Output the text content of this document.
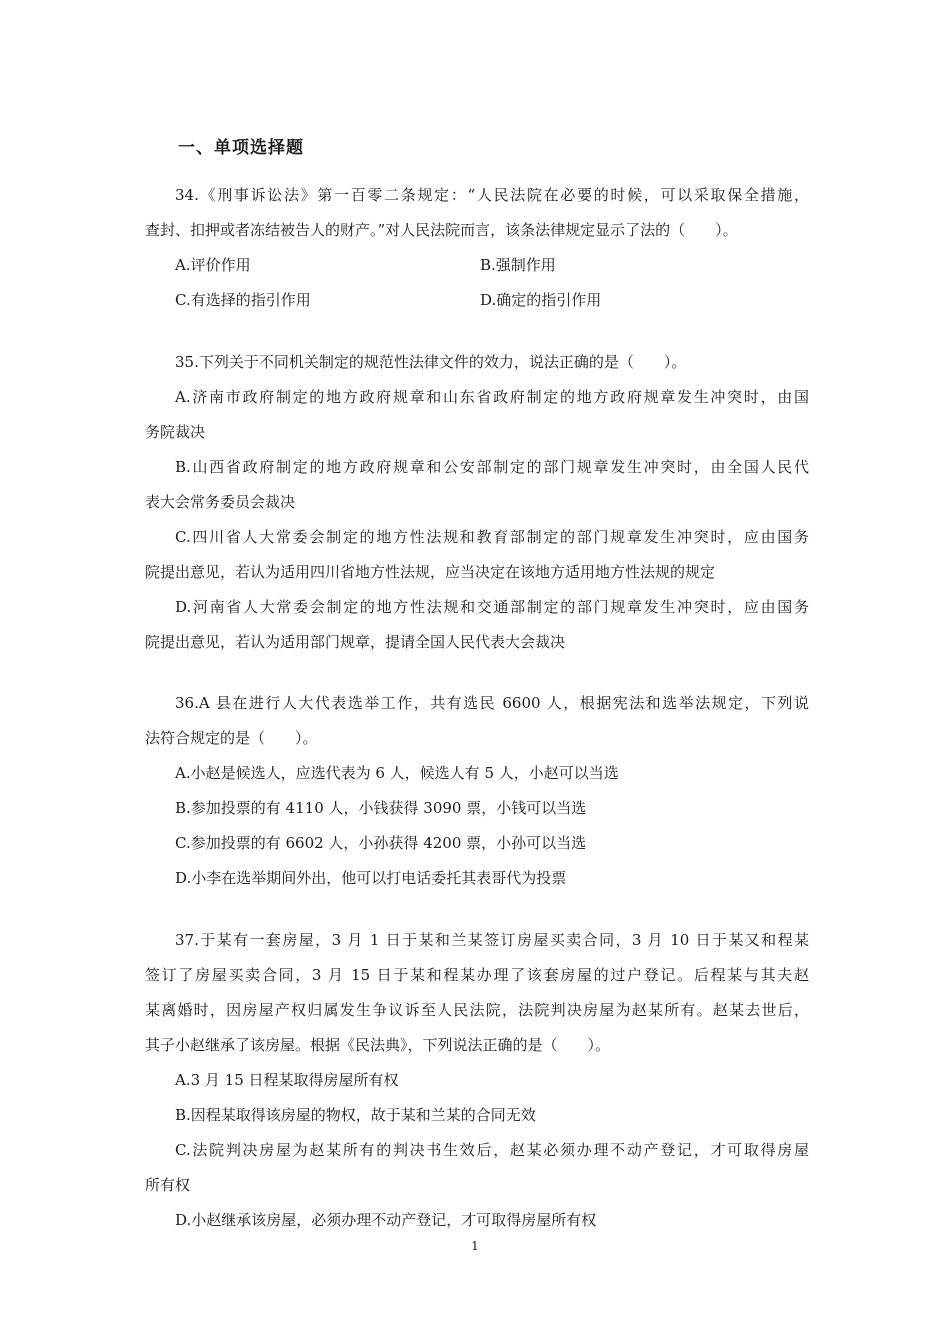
一、单项选择题
34.《刑事诉讼法》第一百零二条规定：“人民法院在必要的时候，可以采取保全措施，
查封、扣押或者冻结被告人的财产。”对人民法院而言，该条法律规定显示了法的（　　）。
A.评价作用	B.强制作用
C.有选择的指引作用	D.确定的指引作用
35.下列关于不同机关制定的规范性法律文件的效力，说法正确的是（　　）。
A.济南市政府制定的地方政府规章和山东省政府制定的地方政府规章发生冲突时，由国
务院裁决
B.山西省政府制定的地方政府规章和公安部制定的部门规章发生冲突时，由全国人民代
表大会常务委员会裁决
C.四川省人大常委会制定的地方性法规和教育部制定的部门规章发生冲突时，应由国务
院提出意见，若认为适用四川省地方性法规，应当决定在该地方适用地方性法规的规定
D.河南省人大常委会制定的地方性法规和交通部制定的部门规章发生冲突时，应由国务
院提出意见，若认为适用部门规章，提请全国人民代表大会裁决
36.A 县在进行人大代表选举工作，共有选民 6600 人，根据宪法和选举法规定，下列说
法符合规定的是（　　）。
A.小赵是候选人，应选代表为 6 人，候选人有 5 人，小赵可以当选
B.参加投票的有 4110 人，小钱获得 3090 票，小钱可以当选
C.参加投票的有 6602 人，小孙获得 4200 票，小孙可以当选
D.小李在选举期间外出，他可以打电话委托其表哥代为投票
37.于某有一套房屋，3 月 1 日于某和兰某签订房屋买卖合同，3 月 10 日于某又和程某
签订了房屋买卖合同，3 月 15 日于某和程某办理了该套房屋的过户登记。后程某与其夫赵
某离婚时，因房屋产权归属发生争议诉至人民法院，法院判决房屋为赵某所有。赵某去世后，
其子小赵继承了该房屋。根据《民法典》，下列说法正确的是（　　）。
A.3 月 15 日程某取得房屋所有权
B.因程某取得该房屋的物权，故于某和兰某的合同无效
C.法院判决房屋为赵某所有的判决书生效后，赵某必须办理不动产登记，才可取得房屋
所有权
D.小赵继承该房屋，必须办理不动产登记，才可取得房屋所有权
1
